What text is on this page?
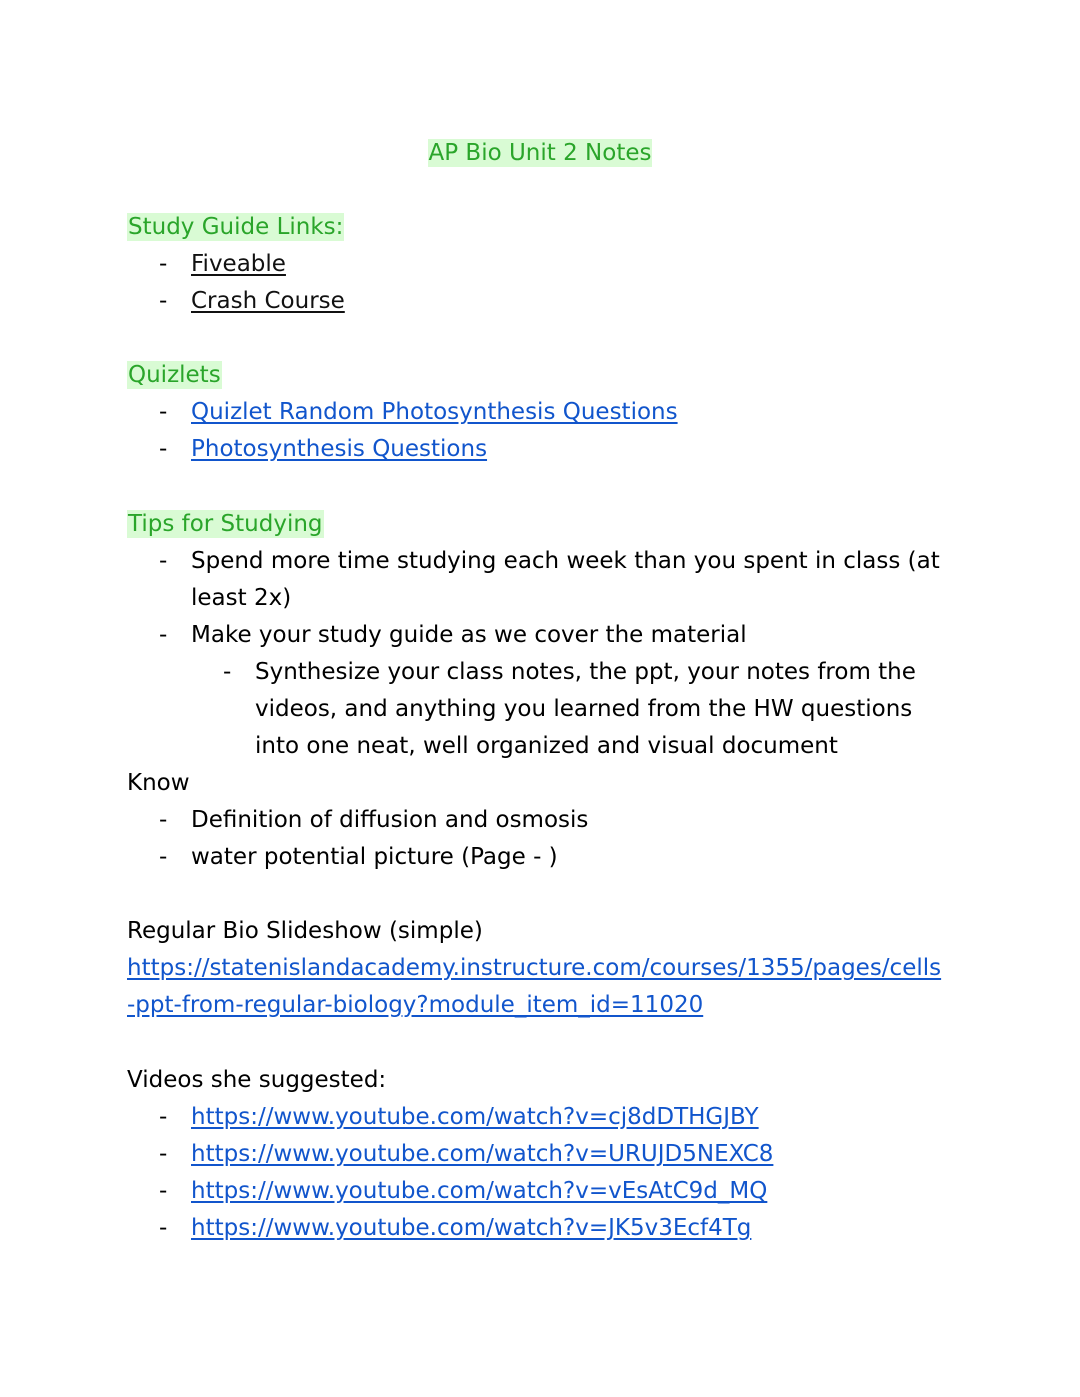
AP Bio Unit 2 Notes
Study Guide Links:
- Fiveable
- Crash Course
Quizlets
- Quizlet Random Photosynthesis Questions
- Photosynthesis Questions
Tips for Studying
- Spend more time studying each week than you spent in class (at least 2x)
- Make your study guide as we cover the material
- Synthesize your class notes, the ppt, your notes from the videos, and anything you learned from the HW questions into one neat, well organized and visual document
Know
- Definition of diffusion and osmosis
- water potential picture (Page - )
Regular Bio Slideshow (simple)
https://statenislandacademy.instructure.com/courses/1355/pages/cells-ppt-from-regular-biology?module_item_id=11020
Videos she suggested:
- https://www.youtube.com/watch?v=cj8dDTHGJBY
- https://www.youtube.com/watch?v=URUJD5NEXC8
- https://www.youtube.com/watch?v=vEsAtC9d_MQ
- https://www.youtube.com/watch?v=JK5v3Ecf4Tg
